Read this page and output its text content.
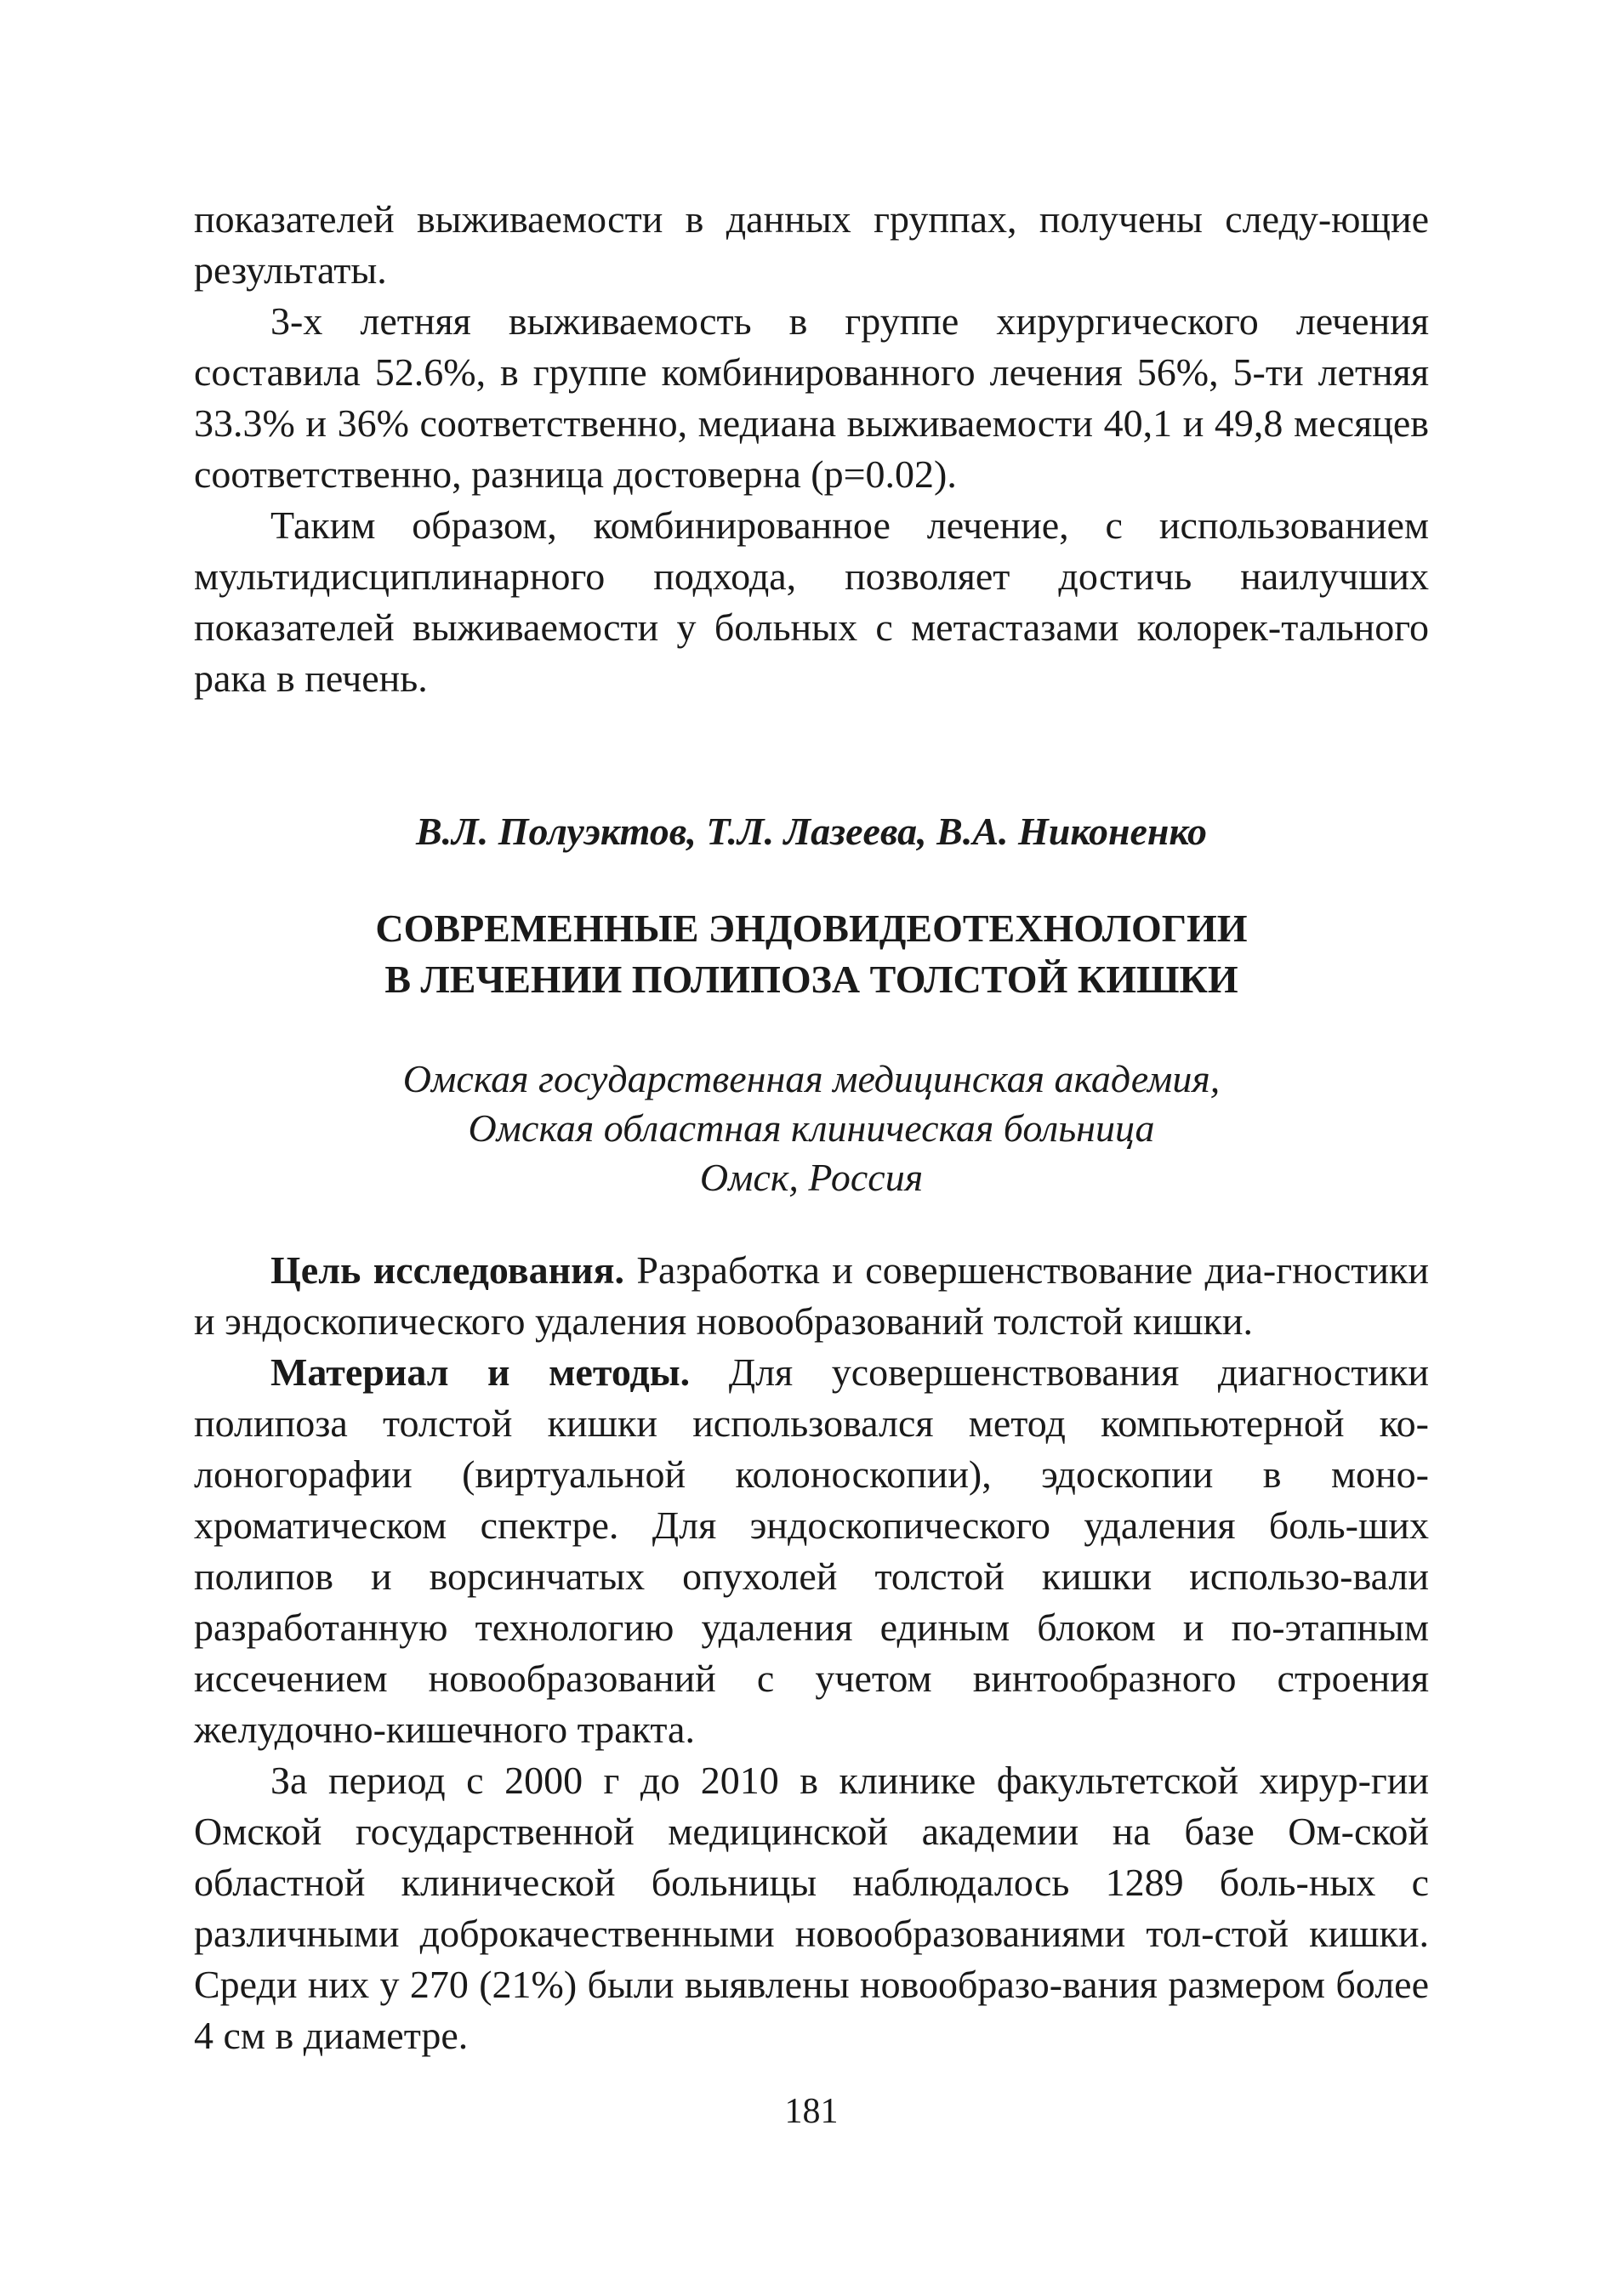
показателей выживаемости в данных группах, получены следу-ющие результаты.

3-х летняя выживаемость в группе хирургического лечения составила 52.6%, в группе комбинированного лечения 56%, 5-ти летняя 33.3% и 36% соответственно, медиана выживаемости 40,1 и 49,8 месяцев соответственно, разница достоверна (р=0.02).

Таким образом, комбинированное лечение, с использованием мультидисциплинарного подхода, позволяет достичь наилучших показателей выживаемости у больных с метастазами колорек-тального рака в печень.

В.Л. Полуэктов, Т.Л. Лазеева, В.А. Никоненко

СОВРЕМЕННЫЕ ЭНДОВИДЕОТЕХНОЛОГИИ
В ЛЕЧЕНИИ ПОЛИПОЗА ТОЛСТОЙ КИШКИ
Омская государственная медицинская академия,
Омская областная клиническая больница
Омск, Россия

Цель исследования. Разработка и совершенствование диа-гностики и эндоскопического удаления новообразований толстой кишки.

Материал и методы. Для усовершенствования диагностики полипоза толстой кишки использовался метод компьютерной ко-лоногорафии (виртуальной колоноскопии), эдоскопии в моно-хроматическом спектре. Для эндоскопического удаления боль-ших полипов и ворсинчатых опухолей толстой кишки использо-вали разработанную технологию удаления единым блоком и по-этапным иссечением новообразований с учетом винтообразного строения желудочно-кишечного тракта.

За период с 2000 г до 2010 в клинике факультетской хирур-гии Омской государственной медицинской академии на базе Ом-ской областной клинической больницы наблюдалось 1289 боль-ных с различными доброкачественными новообразованиями тол-стой кишки. Среди них у 270 (21%) были выявлены новообразо-вания размером более 4 см в диаметре.

181
